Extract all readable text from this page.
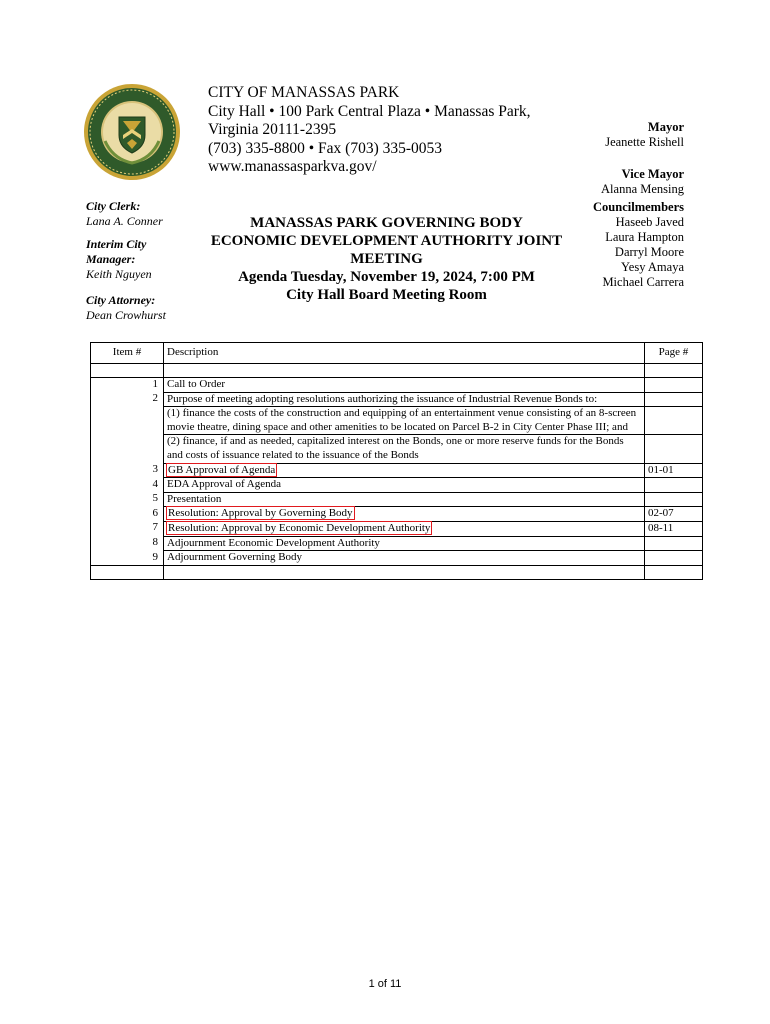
CITY OF MANASSAS PARK
City Hall • 100 Park Central Plaza • Manassas Park,
Virginia 20111-2395
(703) 335-8800 • Fax (703) 335-0053
www.manassasparkva.gov/
Mayor
Jeanette Rishell
Vice Mayor
Alanna Mensing
Councilmembers
Haseeb Javed
Laura Hampton
Darryl Moore
Yesy Amaya
Michael Carrera
City Clerk:
Lana A. Conner
Interim City
Manager:
Keith Nguyen
City Attorney:
Dean Crowhurst
MANASSAS PARK GOVERNING BODY
ECONOMIC DEVELOPMENT AUTHORITY JOINT
MEETING
Agenda Tuesday, November 19, 2024, 7:00 PM
City Hall Board Meeting Room
Item #	Description	Page #

1	Call to Order	
2	Purpose of meeting adopting resolutions authorizing the issuance of Industrial Revenue Bonds to:	
	(1) finance the costs of the construction and equipping of an entertainment venue consisting of an 8-screen movie theatre, dining space and other amenities to be located on Parcel B-2 in City Center Phase III; and	
	(2) finance, if and as needed, capitalized interest on the Bonds, one or more reserve funds for the Bonds and costs of issuance related to the issuance of the Bonds	
3	GB Approval of Agenda	01-01
4	EDA Approval of Agenda	
5	Presentation	
6	Resolution: Approval by Governing Body	02-07
7	Resolution: Approval by Economic Development Authority	08-11
8	Adjournment Economic Development Authority	
9	Adjournment Governing Body	

1 of 11
